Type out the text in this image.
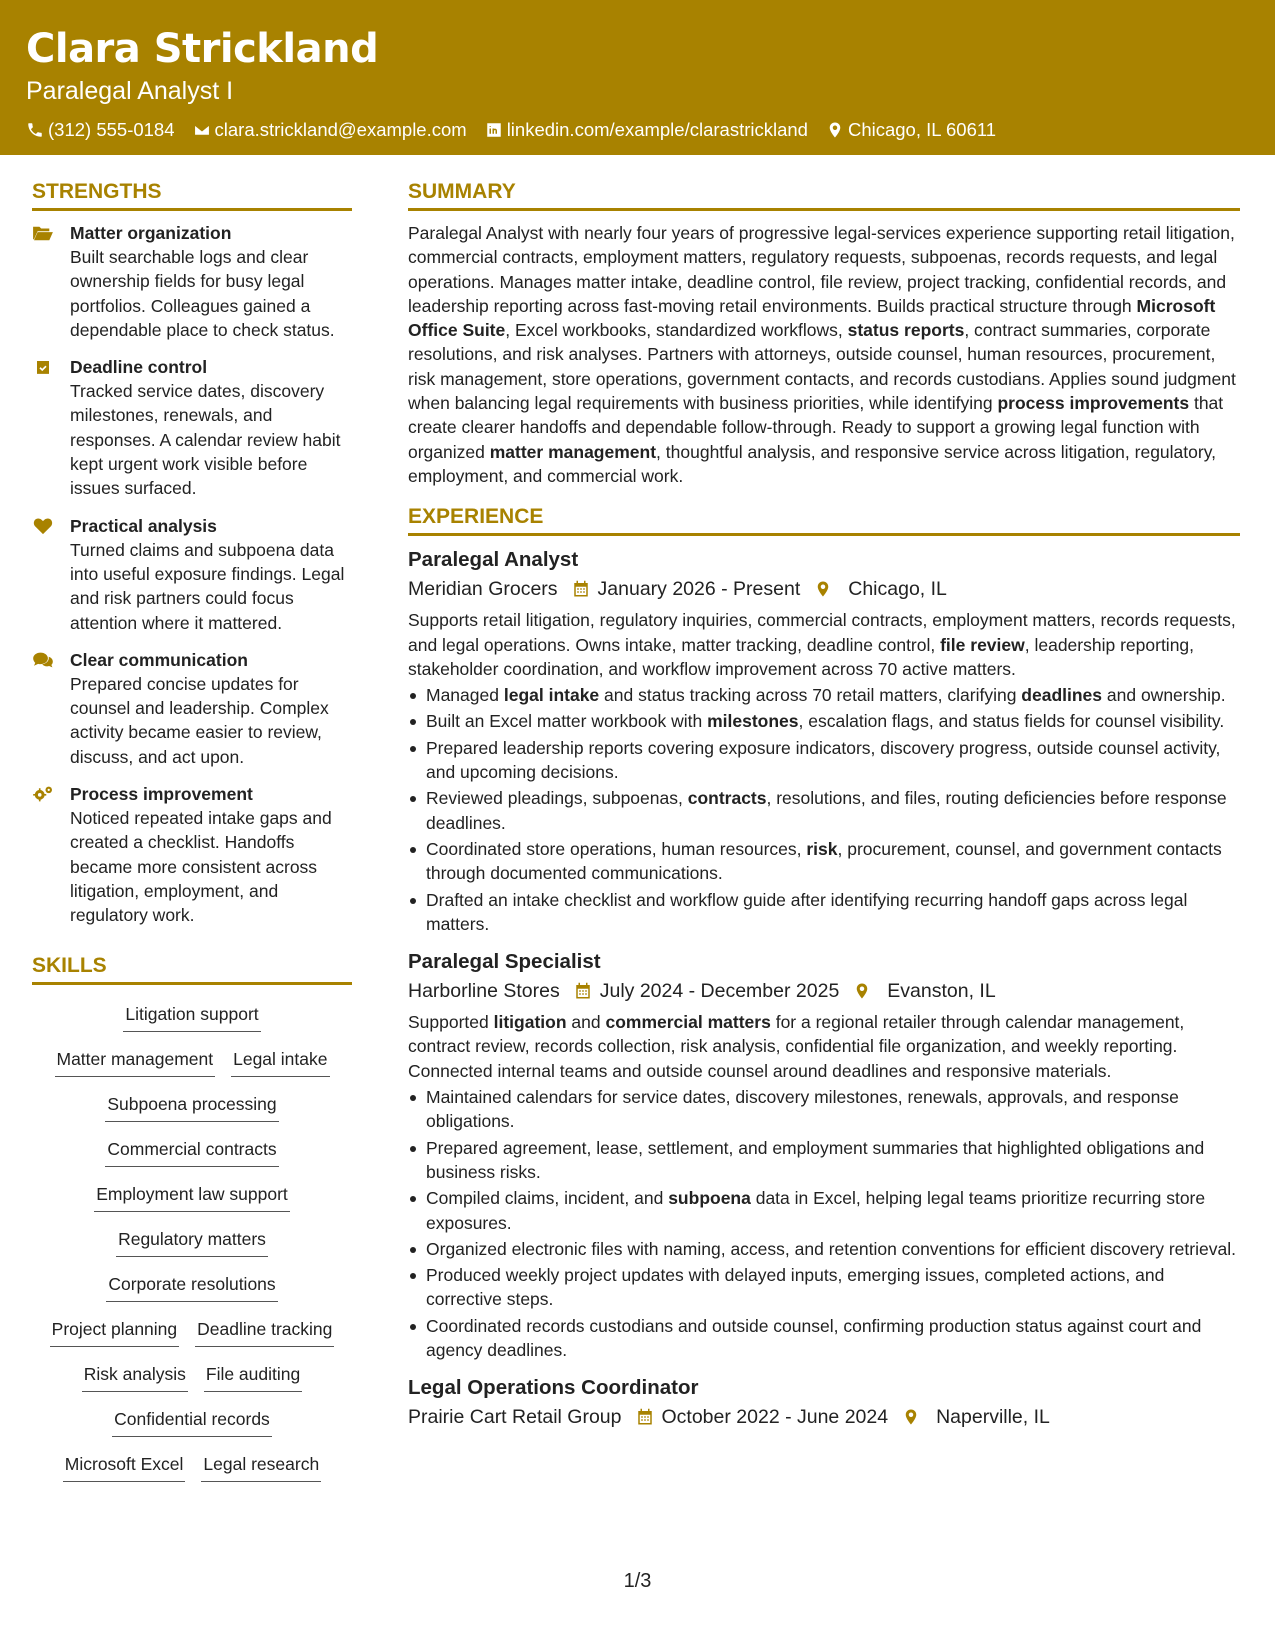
Clara Strickland
Paralegal Analyst I
(312) 555-0184 clara.strickland@example.com linkedin.com/example/clarastrickland Chicago, IL 60611
STRENGTHS
Matter organization
Built searchable logs and clear ownership fields for busy legal portfolios. Colleagues gained a dependable place to check status.
Deadline control
Tracked service dates, discovery milestones, renewals, and responses. A calendar review habit kept urgent work visible before issues surfaced.
Practical analysis
Turned claims and subpoena data into useful exposure findings. Legal and risk partners could focus attention where it mattered.
Clear communication
Prepared concise updates for counsel and leadership. Complex activity became easier to review, discuss, and act upon.
Process improvement
Noticed repeated intake gaps and created a checklist. Handoffs became more consistent across litigation, employment, and regulatory work.
SKILLS
Litigation support
Matter management Legal intake
Subpoena processing
Commercial contracts
Employment law support
Regulatory matters
Corporate resolutions
Project planning Deadline tracking
Risk analysis File auditing
Confidential records
Microsoft Excel Legal research
SUMMARY
Paralegal Analyst with nearly four years of progressive legal-services experience supporting retail litigation, commercial contracts, employment matters, regulatory requests, subpoenas, records requests, and legal operations. Manages matter intake, deadline control, file review, project tracking, confidential records, and leadership reporting across fast-moving retail environments. Builds practical structure through Microsoft Office Suite, Excel workbooks, standardized workflows, status reports, contract summaries, corporate resolutions, and risk analyses. Partners with attorneys, outside counsel, human resources, procurement, risk management, store operations, government contacts, and records custodians. Applies sound judgment when balancing legal requirements with business priorities, while identifying process improvements that create clearer handoffs and dependable follow-through. Ready to support a growing legal function with organized matter management, thoughtful analysis, and responsive service across litigation, regulatory, employment, and commercial work.
EXPERIENCE
Paralegal Analyst
Meridian Grocers January 2026 - Present Chicago, IL
Supports retail litigation, regulatory inquiries, commercial contracts, employment matters, records requests, and legal operations. Owns intake, matter tracking, deadline control, file review, leadership reporting, stakeholder coordination, and workflow improvement across 70 active matters.
Managed legal intake and status tracking across 70 retail matters, clarifying deadlines and ownership.
Built an Excel matter workbook with milestones, escalation flags, and status fields for counsel visibility.
Prepared leadership reports covering exposure indicators, discovery progress, outside counsel activity, and upcoming decisions.
Reviewed pleadings, subpoenas, contracts, resolutions, and files, routing deficiencies before response deadlines.
Coordinated store operations, human resources, risk, procurement, counsel, and government contacts through documented communications.
Drafted an intake checklist and workflow guide after identifying recurring handoff gaps across legal matters.
Paralegal Specialist
Harborline Stores July 2024 - December 2025 Evanston, IL
Supported litigation and commercial matters for a regional retailer through calendar management, contract review, records collection, risk analysis, confidential file organization, and weekly reporting. Connected internal teams and outside counsel around deadlines and responsive materials.
Maintained calendars for service dates, discovery milestones, renewals, approvals, and response obligations.
Prepared agreement, lease, settlement, and employment summaries that highlighted obligations and business risks.
Compiled claims, incident, and subpoena data in Excel, helping legal teams prioritize recurring store exposures.
Organized electronic files with naming, access, and retention conventions for efficient discovery retrieval.
Produced weekly project updates with delayed inputs, emerging issues, completed actions, and corrective steps.
Coordinated records custodians and outside counsel, confirming production status against court and agency deadlines.
Legal Operations Coordinator
Prairie Cart Retail Group October 2022 - June 2024 Naperville, IL
1/3
